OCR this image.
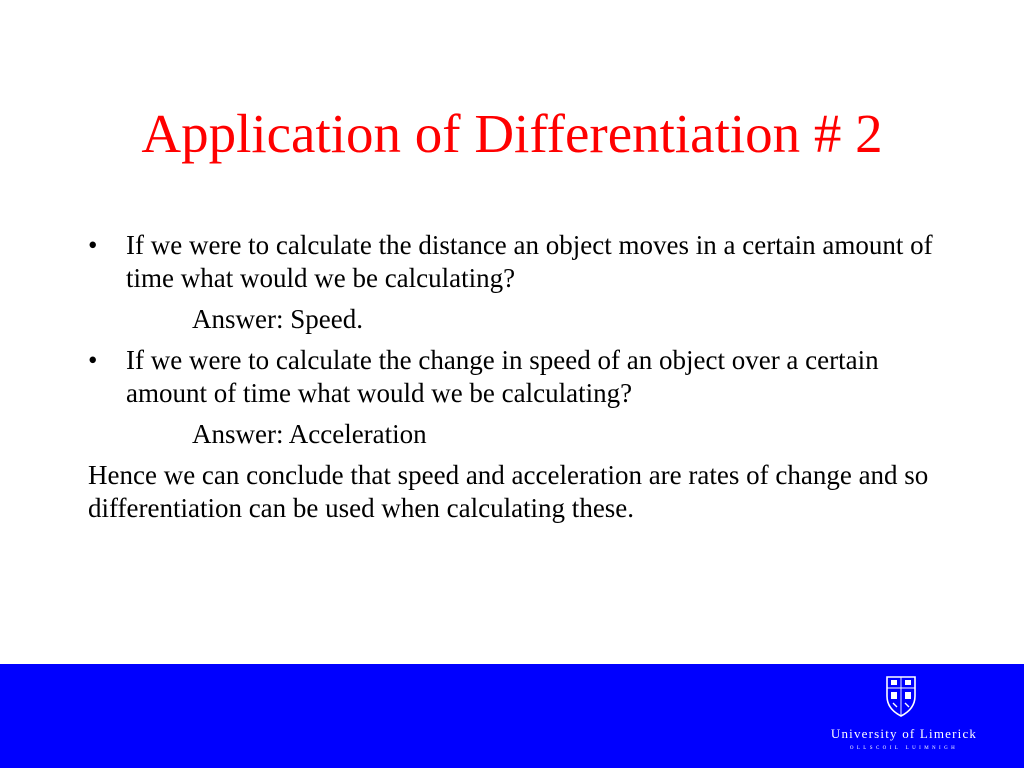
Application of Differentiation # 2
• If we were to calculate the distance an object moves in a certain amount of time what would we be calculating?
Answer: Speed.
• If we were to calculate the change in speed of an object over a certain amount of time what would we be calculating?
Answer: Acceleration

Hence we can conclude that speed and acceleration are rates of change and so differentiation can be used when calculating these.

University of Limerick
OLLSCOIL LUIMNIGH
